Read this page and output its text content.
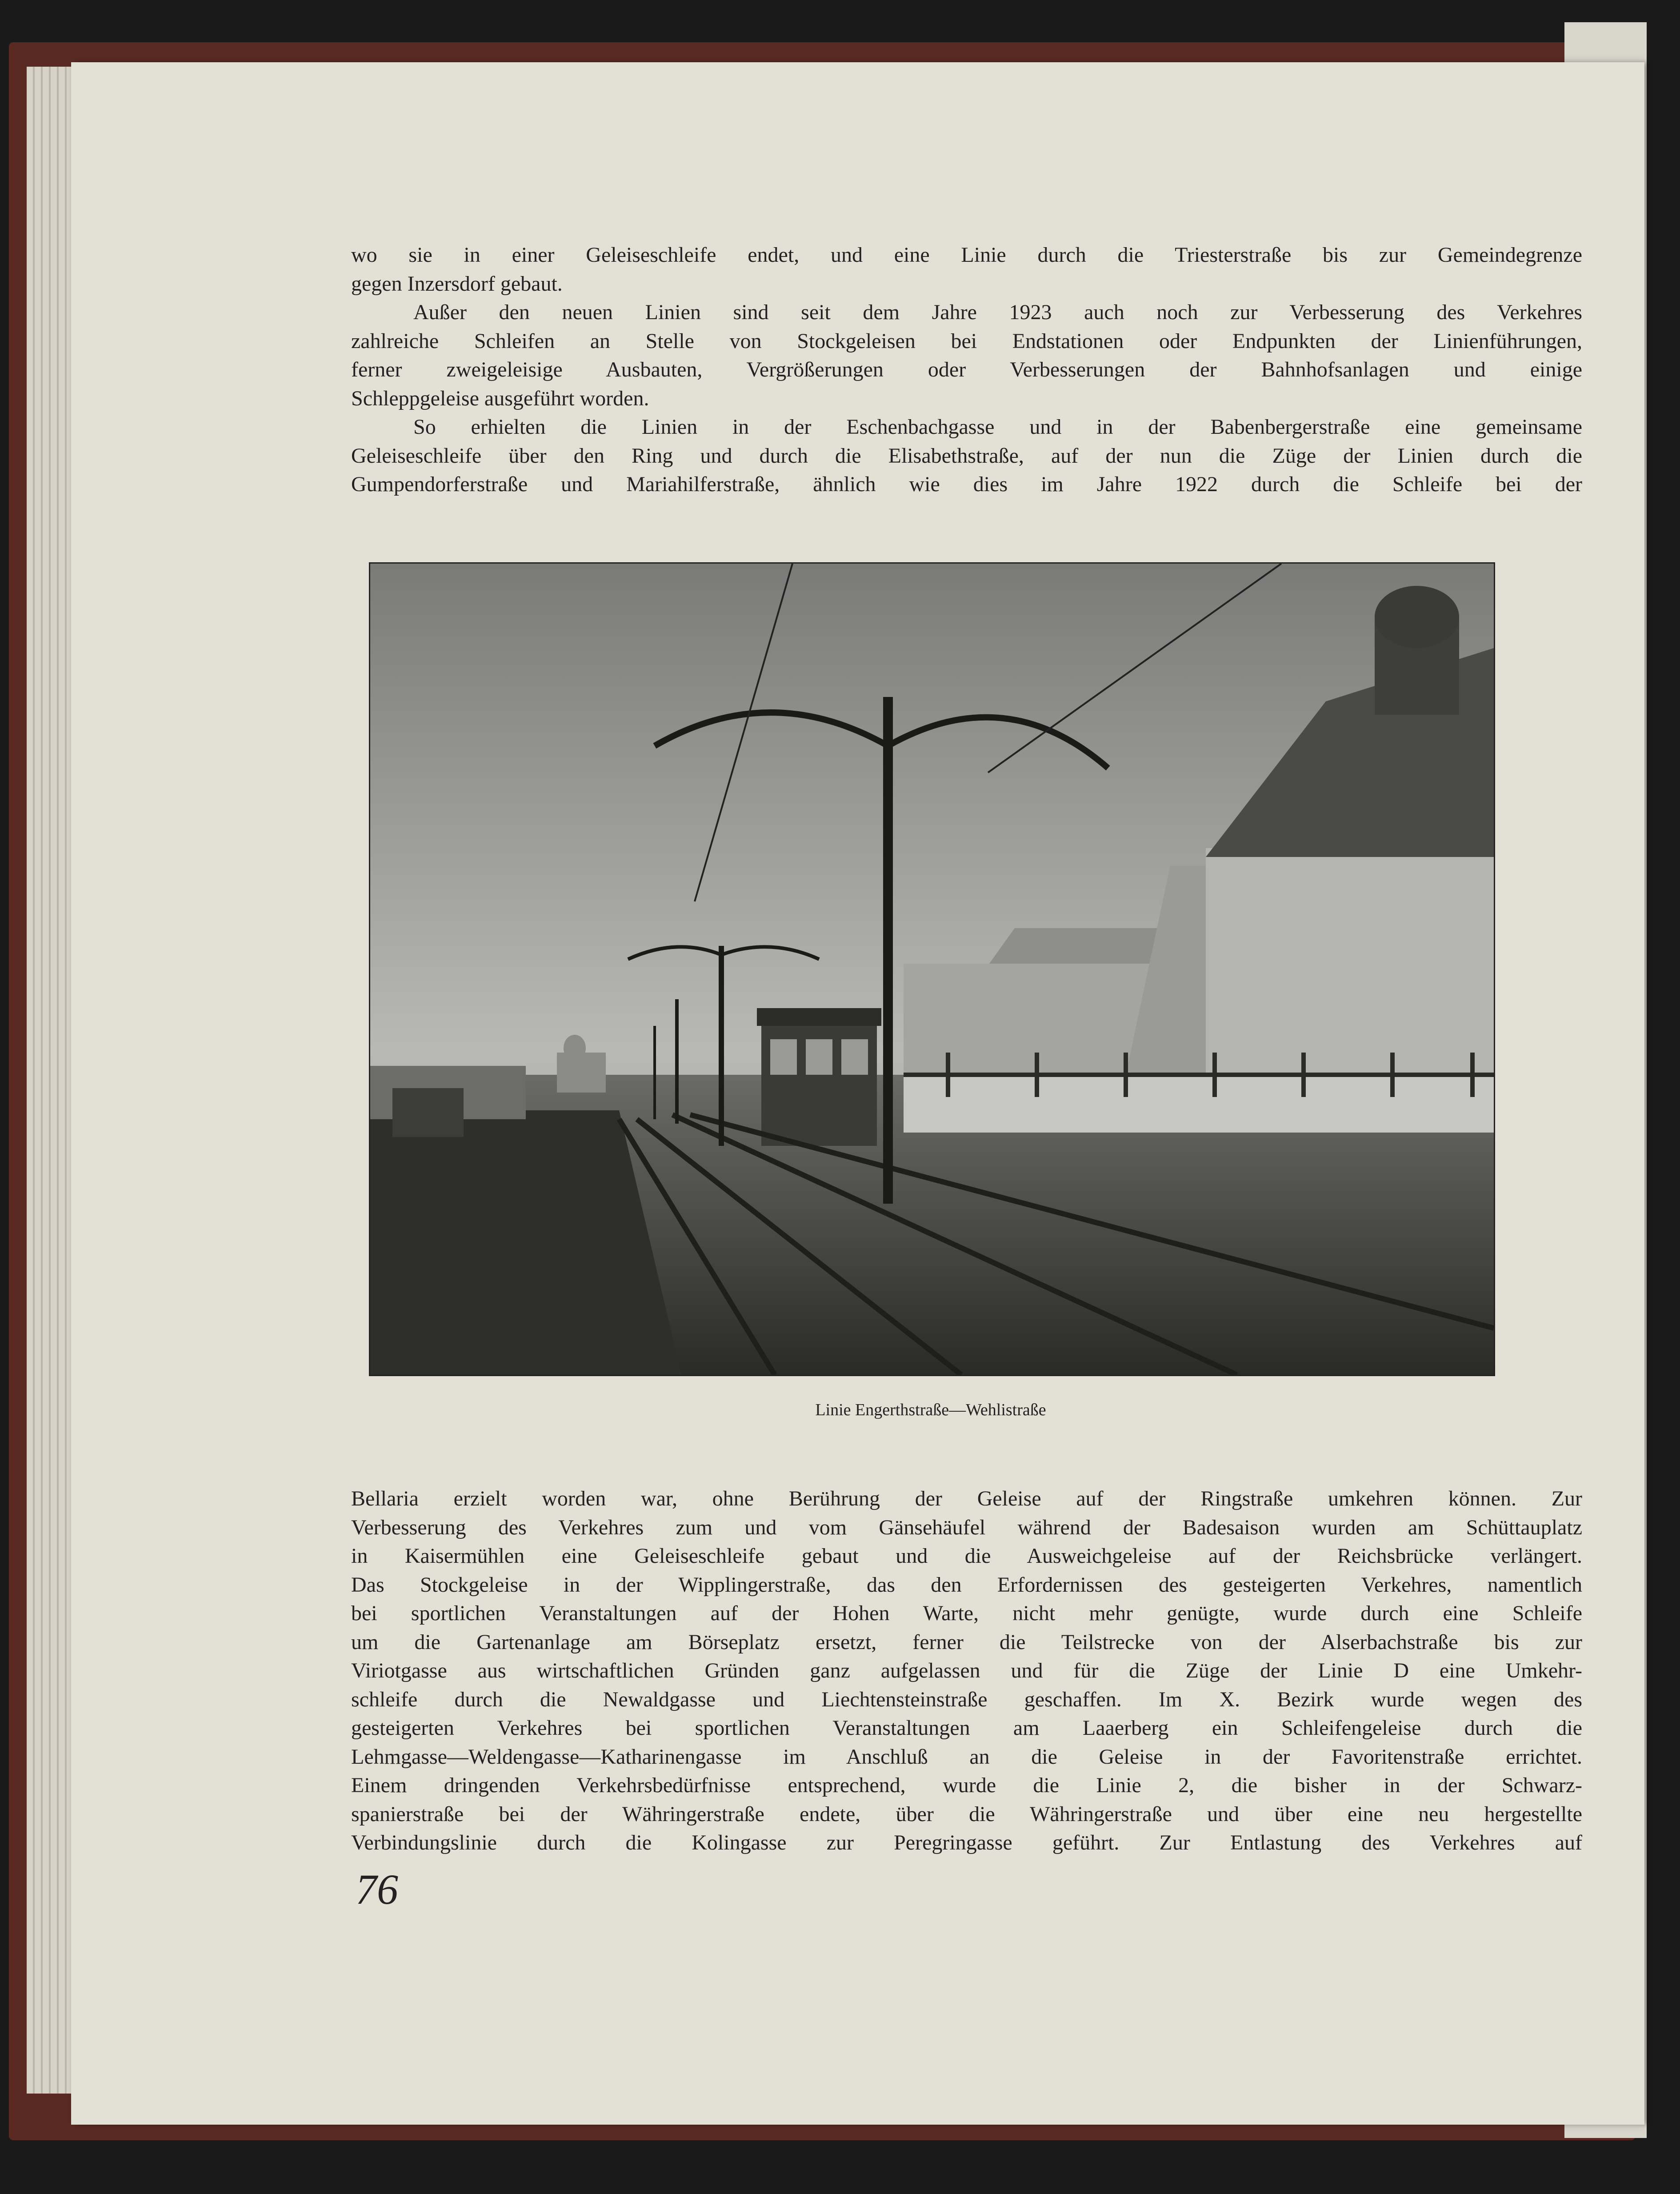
wo sie in einer Geleiseschleife endet, und eine Linie durch die Triesterstraße bis zur Gemeindegrenze

gegen Inzersdorf gebaut.

Außer den neuen Linien sind seit dem Jahre 1923 auch noch zur Verbesserung des Verkehres

zahlreiche Schleifen an Stelle von Stockgeleisen bei Endstationen oder Endpunkten der Linienführungen,

ferner zweigeleisige Ausbauten, Vergrößerungen oder Verbesserungen der Bahnhofsanlagen und einige

Schleppgeleise ausgeführt worden.

So erhielten die Linien in der Eschenbachgasse und in der Babenbergerstraße eine gemeinsame

Geleiseschleife über den Ring und durch die Elisabethstraße, auf der nun die Züge der Linien durch die

Gumpendorferstraße und Mariahilferstraße, ähnlich wie dies im Jahre 1922 durch die Schleife bei der

Linie Engerthstraße—Wehlistraße

Bellaria erzielt worden war, ohne Berührung der Geleise auf der Ringstraße umkehren können. Zur

Verbesserung des Verkehres zum und vom Gänsehäufel während der Badesaison wurden am Schüttauplatz

in Kaisermühlen eine Geleiseschleife gebaut und die Ausweichgeleise auf der Reichsbrücke verlängert.

Das Stockgeleise in der Wipplingerstraße, das den Erfordernissen des gesteigerten Verkehres, namentlich

bei sportlichen Veranstaltungen auf der Hohen Warte, nicht mehr genügte, wurde durch eine Schleife

um die Gartenanlage am Börseplatz ersetzt, ferner die Teilstrecke von der Alserbachstraße bis zur

Viriotgasse aus wirtschaftlichen Gründen ganz aufgelassen und für die Züge der Linie D eine Umkehr-

schleife durch die Newaldgasse und Liechtensteinstraße geschaffen. Im X. Bezirk wurde wegen des

gesteigerten Verkehres bei sportlichen Veranstaltungen am Laaerberg ein Schleifengeleise durch die

Lehmgasse—Weldengasse—Katharinengasse im Anschluß an die Geleise in der Favoritenstraße errichtet.

Einem dringenden Verkehrsbedürfnisse entsprechend, wurde die Linie 2, die bisher in der Schwarz-

spanierstraße bei der Währingerstraße endete, über die Währingerstraße und über eine neu hergestellte

Verbindungslinie durch die Kolingasse zur Peregringasse geführt. Zur Entlastung des Verkehres auf

76
